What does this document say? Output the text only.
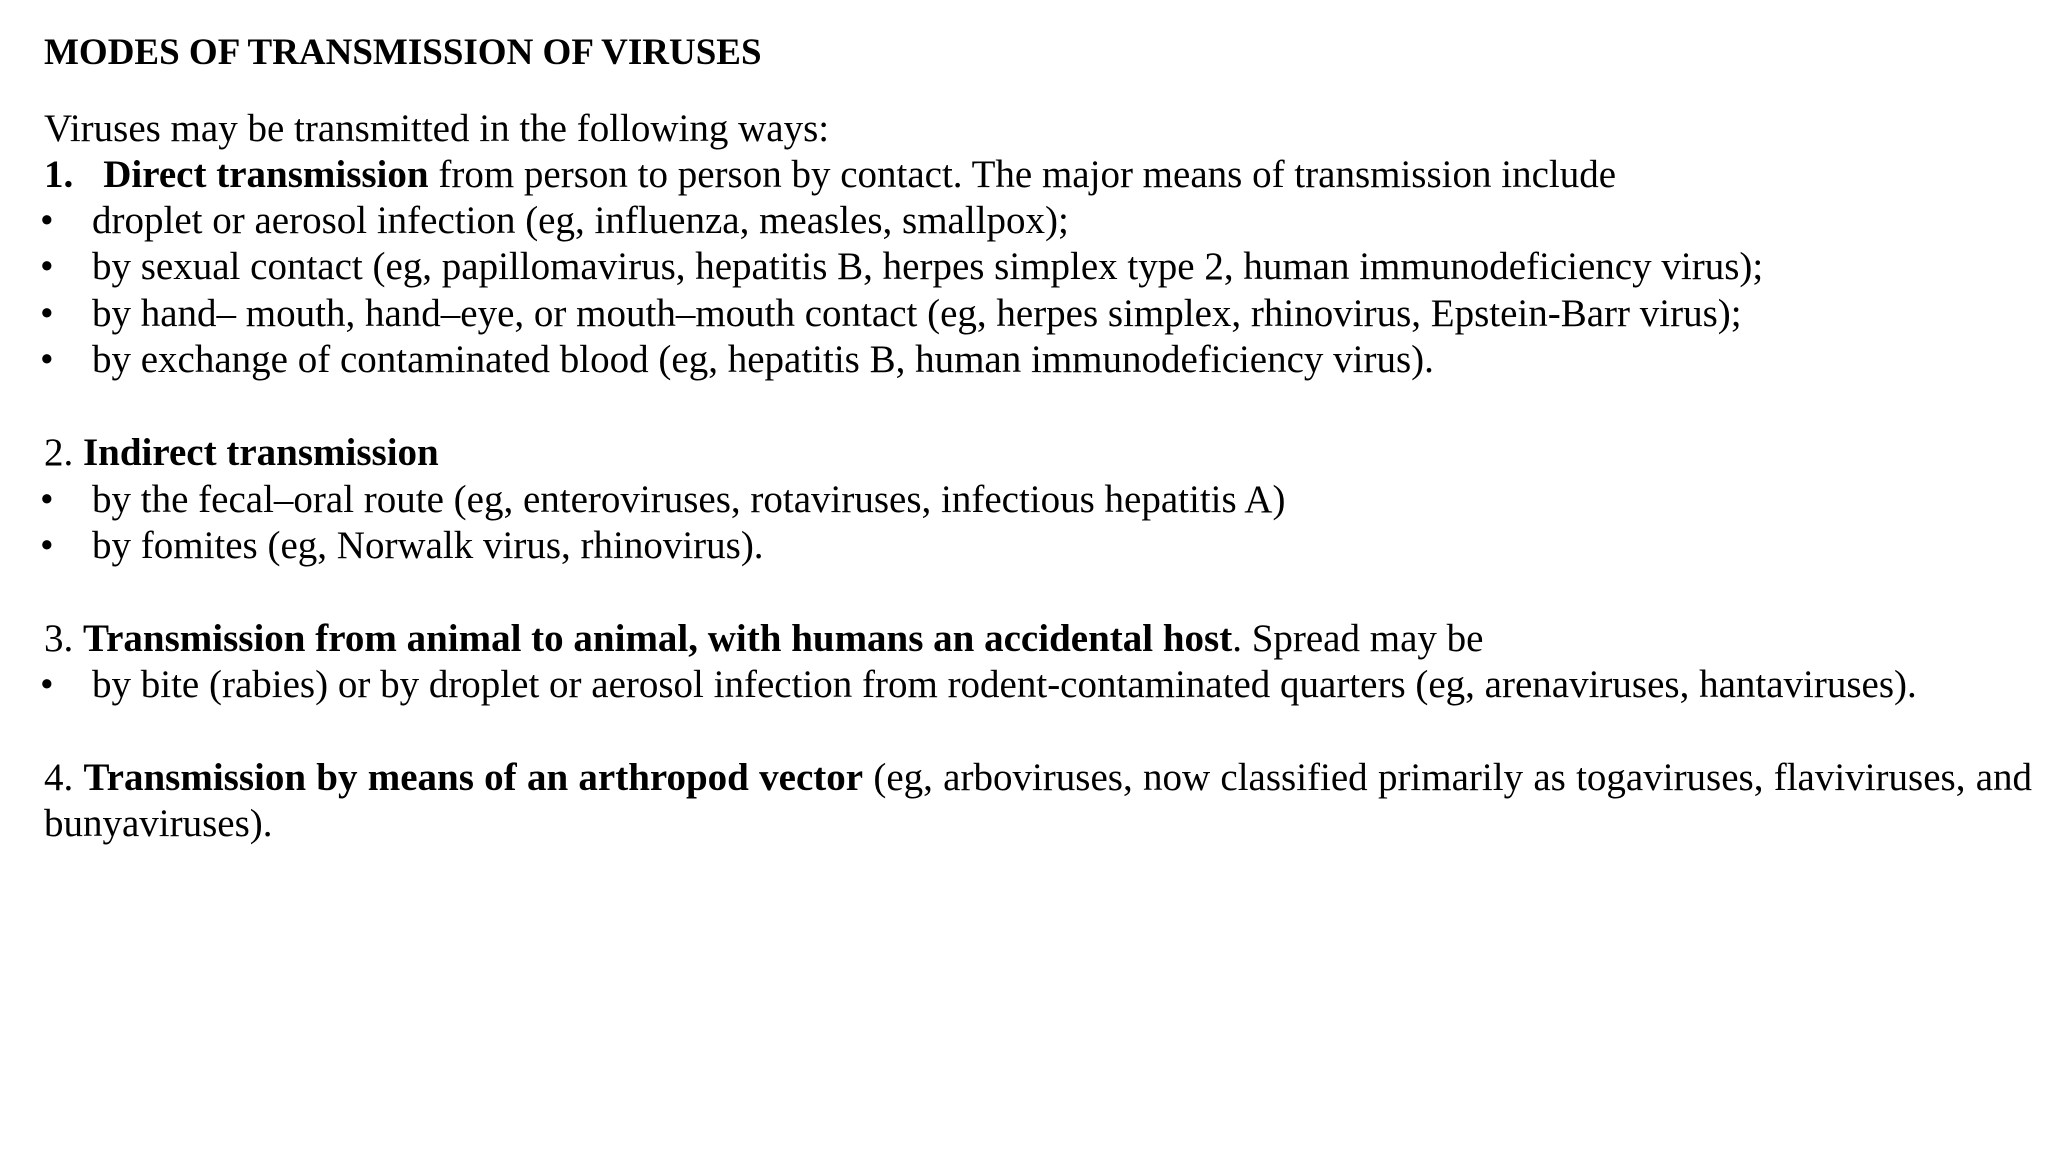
MODES OF TRANSMISSION OF VIRUSES
Viruses may be transmitted in the following ways:
1. Direct transmission from person to person by contact. The major means of transmission include
• droplet or aerosol infection (eg, influenza, measles, smallpox);
• by sexual contact (eg, papillomavirus, hepatitis B, herpes simplex type 2, human immunodeficiency virus);
• by hand– mouth, hand–eye, or mouth–mouth contact (eg, herpes simplex, rhinovirus, Epstein-Barr virus);
• by exchange of contaminated blood (eg, hepatitis B, human immunodeficiency virus).
2. Indirect transmission
• by the fecal–oral route (eg, enteroviruses, rotaviruses, infectious hepatitis A)
• by fomites (eg, Norwalk virus, rhinovirus).
3. Transmission from animal to animal, with humans an accidental host. Spread may be
• by bite (rabies) or by droplet or aerosol infection from rodent-contaminated quarters (eg, arenaviruses, hantaviruses).
4. Transmission by means of an arthropod vector (eg, arboviruses, now classified primarily as togaviruses, flaviviruses, and
bunyaviruses).
